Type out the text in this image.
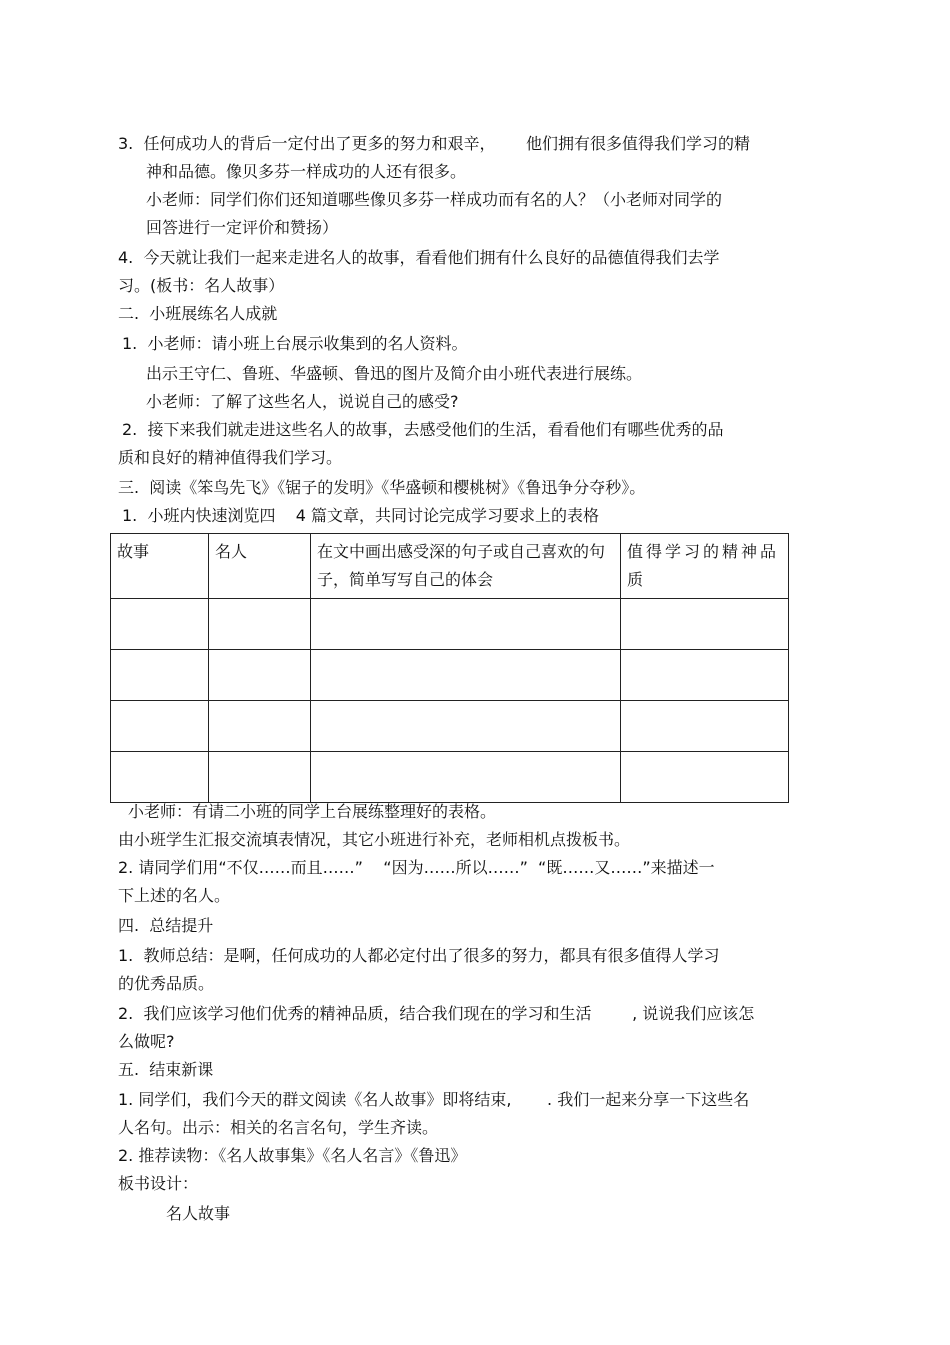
3.  任何成功人的背后一定付出了更多的努力和艰辛，      他们拥有很多值得我们学习的精
神和品德。像贝多芬一样成功的人还有很多。
小老师：同学们你们还知道哪些像贝多芬一样成功而有名的人？（小老师对同学的
回答进行一定评价和赞扬）
4.  今天就让我们一起来走进名人的故事，看看他们拥有什么良好的品德值得我们去学
习。(板书：名人故事）
二.  小班展练名人成就
1.  小老师：请小班上台展示收集到的名人资料。
出示王守仁、鲁班、华盛顿、鲁迅的图片及简介由小班代表进行展练。
小老师：了解了这些名人，说说自己的感受?
2.  接下来我们就走进这些名人的故事，去感受他们的生活，看看他们有哪些优秀的品
质和良好的精神值得我们学习。
三.  阅读《笨鸟先飞》《锯子的发明》《华盛顿和樱桃树》《鲁迅争分夺秒》。
1.  小班内快速浏览四    4 篇文章，共同讨论完成学习要求上的表格
故事	名人	在文中画出感受深的句子或自己喜欢的句子，简单写写自己的体会	值得学习的精神品质

小老师：有请二小班的同学上台展练整理好的表格。
由小班学生汇报交流填表情况，其它小班进行补充，老师相机点拨板书。
2. 请同学们用“不仅……而且……”    “因为……所以……”  “既……又……”来描述一
下上述的名人。
四.  总结提升
1.  教师总结：是啊，任何成功的人都必定付出了很多的努力，都具有很多值得人学习
的优秀品质。
2.  我们应该学习他们优秀的精神品质，结合我们现在的学习和生活        , 说说我们应该怎
么做呢?
五.  结束新课
1. 同学们，我们今天的群文阅读《名人故事》即将结束,       . 我们一起来分享一下这些名
人名句。出示：相关的名言名句，学生齐读。
2. 推荐读物：《名人故事集》《名人名言》《鲁迅》
板书设计：
名人故事
